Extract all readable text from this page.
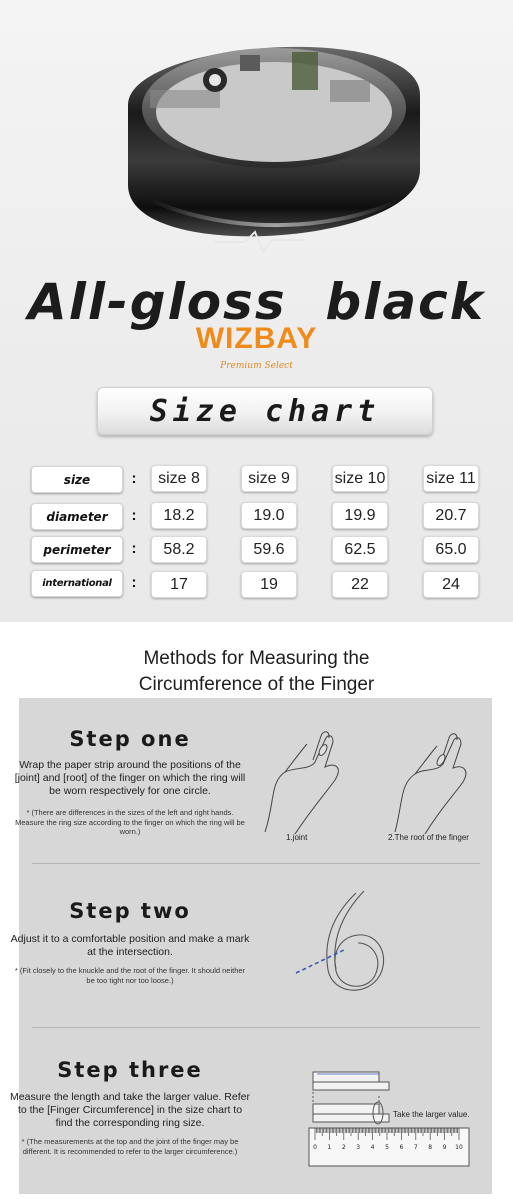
All-gloss  black
WIZBAY
Premium Select
Size chart
size	:	size 8	size 9	size 10	size 11
diameter	:	18.2	19.0	19.9	20.7
perimeter	:	58.2	59.6	62.5	65.0
international	:	17	19	22	24
Methods for Measuring the
Circumference of the Finger
Step one
Wrap the paper strip around the positions of the [joint] and [root] of the finger on which the ring will be worn respectively for one circle.
* (There are differences in the sizes of the left and right hands. Measure the ring size according to the finger on which the ring will be worn.)
1.joint	2.The root of the finger
Step two
Adjust it to a comfortable position and make a mark at the intersection.
* (Fit closely to the knuckle and the root of the finger. It should neither be too tight nor too loose.)
Step three
Measure the length and take the larger value. Refer to the [Finger Circumference] in the size chart to find the corresponding ring size.
* (The measurements at the top and the joint of the finger may be different. It is recommended to refer to the larger circumference.)	0 1 2 3 4 5 6 7 8 9 10
Take the larger value.
